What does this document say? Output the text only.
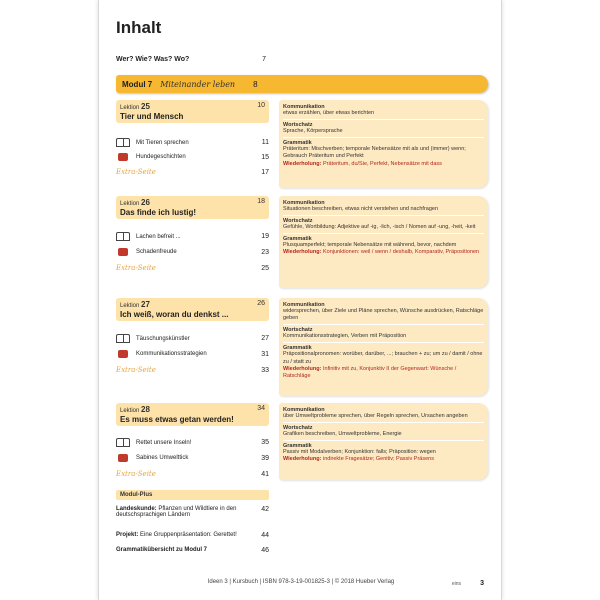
Inhalt
Wer? Wie? Was? Wo?	7
Modul 7 Miteinander leben 8
Lektion 25	10
Tier und Mensch
Mit Tieren sprechen	11
Hundegeschichten	15
Extra-Seite	17
Kommunikation
etwas erzählen, über etwas berichten
Wortschatz
Sprache, Körpersprache
Grammatik
Präteritum: Mischverben; temporale Nebensätze mit als und (immer) wenn; Gebrauch Präteritum und Perfekt
Wiederholung: Präteritum, du/Sie, Perfekt, Nebensätze mit dass
Lektion 26	18
Das finde ich lustig!
Lachen befreit ...	19
Schadenfreude	23
Extra-Seite	25
Kommunikation
Situationen beschreiben, etwas nicht verstehen und nachfragen
Wortschatz
Gefühle, Wortbildung: Adjektive auf -ig, -lich, -isch / Nomen auf -ung, -heit, -keit
Grammatik
Plusquamperfekt; temporale Nebensätze mit während, bevor, nachdem
Wiederholung: Konjunktionen: weil / wenn / deshalb, Komparativ, Präpositionen
Lektion 27	26
Ich weiß, woran du denkst ...
Täuschungskünstler	27
Kommunikationsstrategien	31
Extra-Seite	33
Kommunikation
widersprechen, über Ziele und Pläne sprechen, Wünsche ausdrücken, Ratschläge geben
Wortschatz
Kommunikationsstrategien, Verben mit Präposition
Grammatik
Präpositionalpronomen: worüber, darüber, ...; brauchen + zu; um zu / damit / ohne zu / statt zu
Wiederholung: Infinitiv mit zu, Konjunktiv II der Gegenwart: Wünsche / Ratschläge
Lektion 28	34
Es muss etwas getan werden!
Rettet unsere Inseln!	35
Sabines Umwelttick	39
Extra-Seite	41
Kommunikation
über Umweltprobleme sprechen, über Regeln sprechen, Ursachen angeben
Wortschatz
Grafiken beschreiben, Umweltprobleme, Energie
Grammatik
Passiv mit Modalverben; Konjunktion: falls; Präposition: wegen
Wiederholung: indirekte Fragesätze; Genitiv; Passiv Präsens
Modul-Plus
Landeskunde: Pflanzen und Wildtiere in den deutschsprachigen Ländern
42
Projekt: Eine Gruppenpräsentation: Gerettet!	44
Grammatikübersicht zu Modul 7	46
Ideen 3 | Kursbuch | ISBN 978-3-19-001825-3 | © 2018 Hueber Verlag	eins	3
